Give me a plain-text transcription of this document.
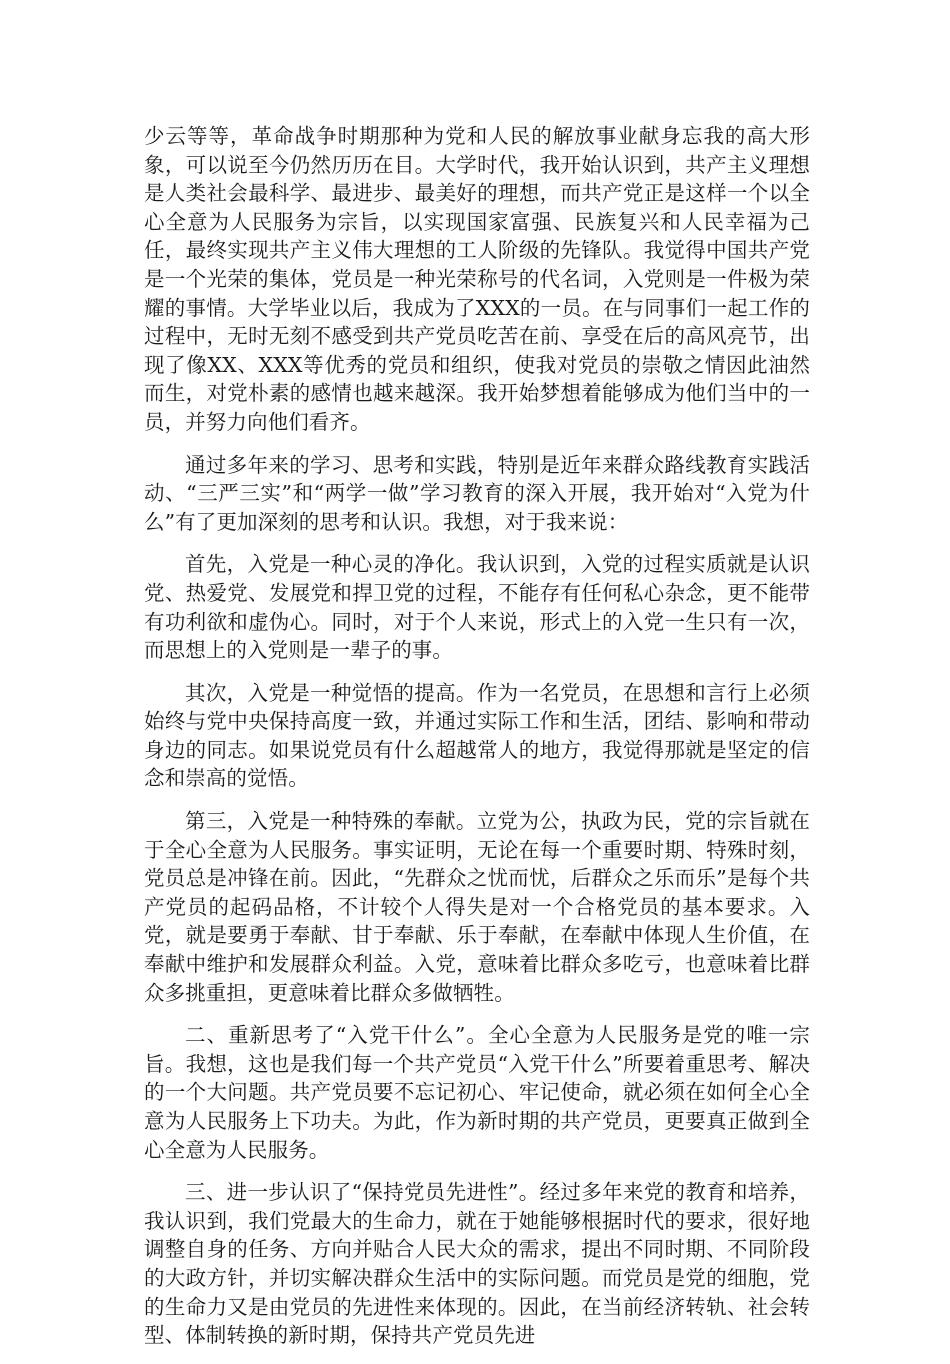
少云等等，革命战争时期那种为党和人民的解放事业献身忘我的高大形象，可以说至今仍然历历在目。大学时代，我开始认识到，共产主义理想是人类社会最科学、最进步、最美好的理想，而共产党正是这样一个以全心全意为人民服务为宗旨，以实现国家富强、民族复兴和人民幸福为己任，最终实现共产主义伟大理想的工人阶级的先锋队。我觉得中国共产党是一个光荣的集体，党员是一种光荣称号的代名词，入党则是一件极为荣耀的事情。大学毕业以后，我成为了XXX的一员。在与同事们一起工作的过程中，无时无刻不感受到共产党员吃苦在前、享受在后的高风亮节，出现了像XX、XXX等优秀的党员和组织，使我对党员的崇敬之情因此油然而生，对党朴素的感情也越来越深。我开始梦想着能够成为他们当中的一员，并努力向他们看齐。

通过多年来的学习、思考和实践，特别是近年来群众路线教育实践活动、“三严三实”和“两学一做”学习教育的深入开展，我开始对“入党为什么”有了更加深刻的思考和认识。我想，对于我来说：

首先，入党是一种心灵的净化。我认识到，入党的过程实质就是认识党、热爱党、发展党和捍卫党的过程，不能存有任何私心杂念，更不能带有功利欲和虚伪心。同时，对于个人来说，形式上的入党一生只有一次，而思想上的入党则是一辈子的事。

其次，入党是一种觉悟的提高。作为一名党员，在思想和言行上必须始终与党中央保持高度一致，并通过实际工作和生活，团结、影响和带动身边的同志。如果说党员有什么超越常人的地方，我觉得那就是坚定的信念和崇高的觉悟。

第三，入党是一种特殊的奉献。立党为公，执政为民，党的宗旨就在于全心全意为人民服务。事实证明，无论在每一个重要时期、特殊时刻，党员总是冲锋在前。因此，“先群众之忧而忧，后群众之乐而乐”是每个共产党员的起码品格，不计较个人得失是对一个合格党员的基本要求。入党，就是要勇于奉献、甘于奉献、乐于奉献，在奉献中体现人生价值，在奉献中维护和发展群众利益。入党，意味着比群众多吃亏，也意味着比群众多挑重担，更意味着比群众多做牺牲。

二、重新思考了“入党干什么”。全心全意为人民服务是党的唯一宗旨。我想，这也是我们每一个共产党员“入党干什么”所要着重思考、解决的一个大问题。共产党员要不忘记初心、牢记使命，就必须在如何全心全意为人民服务上下功夫。为此，作为新时期的共产党员，更要真正做到全心全意为人民服务。

三、进一步认识了“保持党员先进性”。经过多年来党的教育和培养，我认识到，我们党最大的生命力，就在于她能够根据时代的要求，很好地调整自身的任务、方向并贴合人民大众的需求，提出不同时期、不同阶段的大政方针，并切实解决群众生活中的实际问题。而党员是党的细胞，党的生命力又是由党员的先进性来体现的。因此，在当前经济转轨、社会转型、体制转换的新时期，保持共产党员先进
